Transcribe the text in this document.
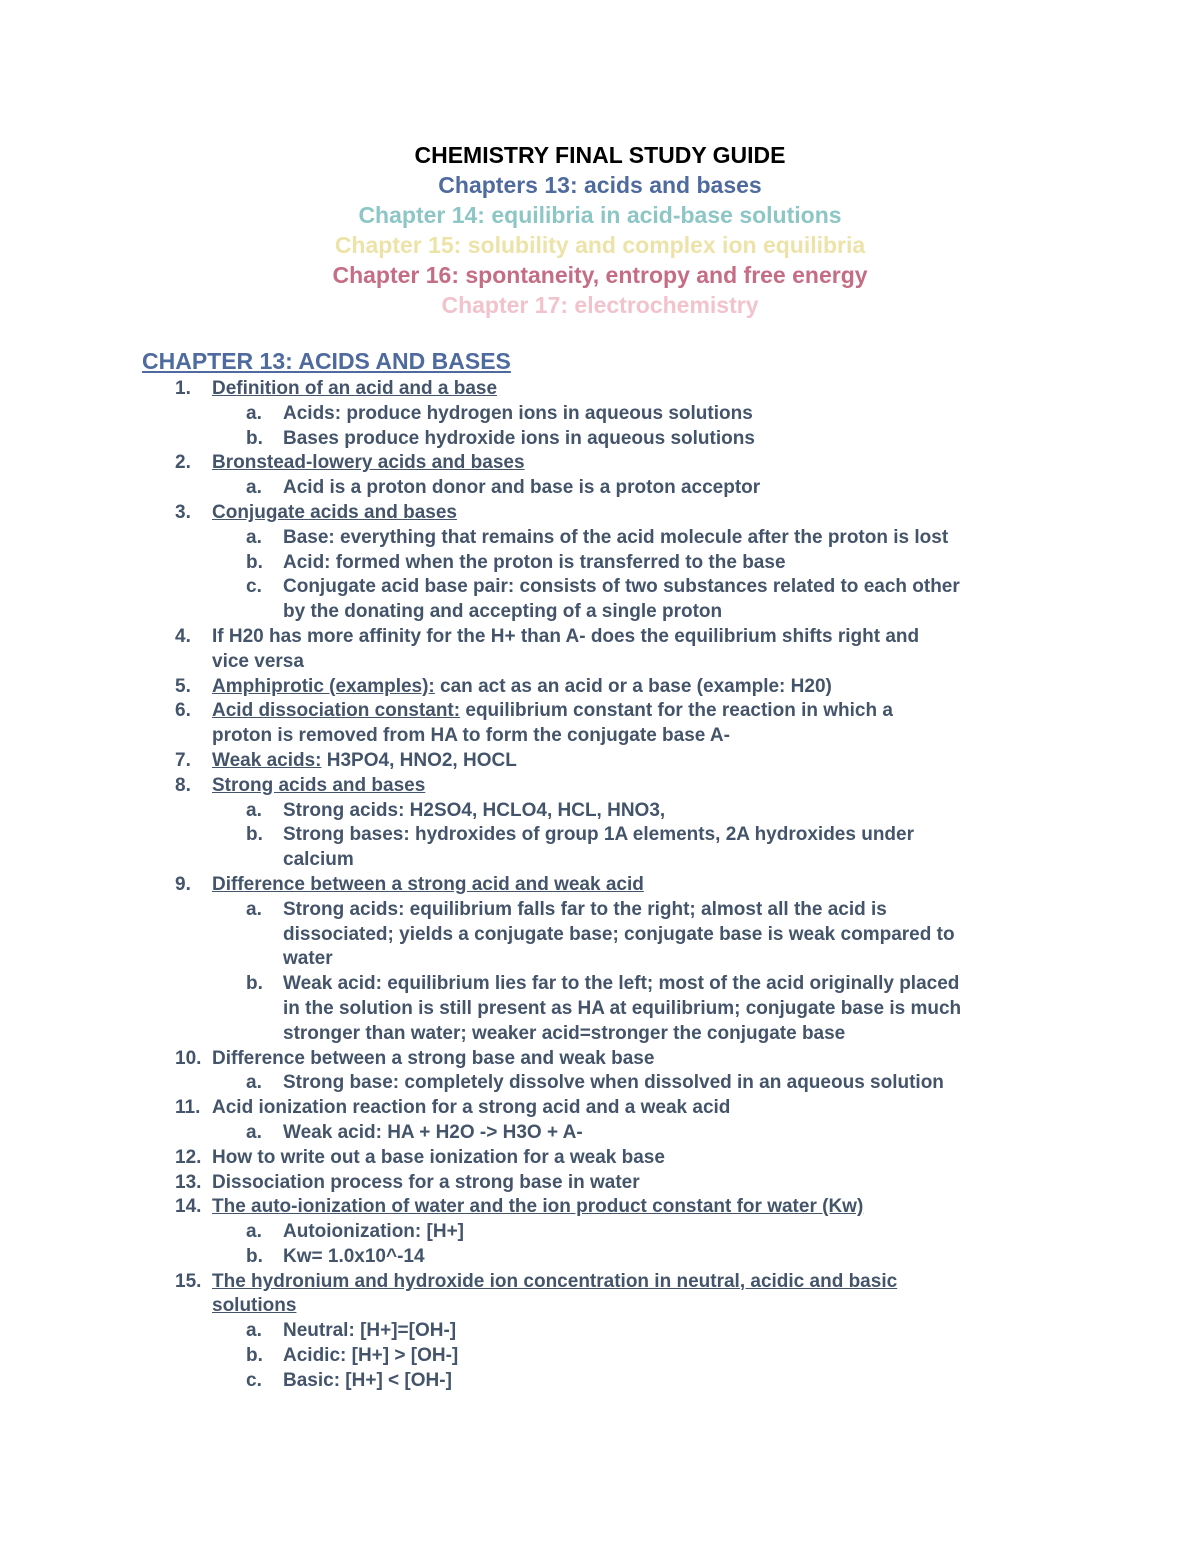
CHEMISTRY FINAL STUDY GUIDE
Chapters 13: acids and bases
Chapter 14: equilibria in acid-base solutions
Chapter 15: solubility and complex ion equilibria
Chapter 16: spontaneity, entropy and free energy
Chapter 17: electrochemistry
CHAPTER 13: ACIDS AND BASES
1. Definition of an acid and a base
a. Acids: produce hydrogen ions in aqueous solutions
b. Bases produce hydroxide ions in aqueous solutions
2. Bronstead-lowery acids and bases
a. Acid is a proton donor and base is a proton acceptor
3. Conjugate acids and bases
a. Base: everything that remains of the acid molecule after the proton is lost
b. Acid: formed when the proton is transferred to the base
c. Conjugate acid base pair: consists of two substances related to each other
by the donating and accepting of a single proton
4. If H20 has more affinity for the H+ than A- does the equilibrium shifts right and
vice versa
5. Amphiprotic (examples): can act as an acid or a base (example: H20)
6. Acid dissociation constant: equilibrium constant for the reaction in which a
proton is removed from HA to form the conjugate base A-
7. Weak acids: H3PO4, HNO2, HOCL
8. Strong acids and bases
a. Strong acids: H2SO4, HCLO4, HCL, HNO3,
b. Strong bases: hydroxides of group 1A elements, 2A hydroxides under
calcium
9. Difference between a strong acid and weak acid
a. Strong acids: equilibrium falls far to the right; almost all the acid is
dissociated; yields a conjugate base; conjugate base is weak compared to
water
b. Weak acid: equilibrium lies far to the left; most of the acid originally placed
in the solution is still present as HA at equilibrium; conjugate base is much
stronger than water; weaker acid=stronger the conjugate base
10. Difference between a strong base and weak base
a. Strong base: completely dissolve when dissolved in an aqueous solution
11. Acid ionization reaction for a strong acid and a weak acid
a. Weak acid: HA + H2O -> H3O + A-
12. How to write out a base ionization for a weak base
13. Dissociation process for a strong base in water
14. The auto-ionization of water and the ion product constant for water (Kw)
a. Autoionization: [H+]
b. Kw= 1.0x10^-14
15. The hydronium and hydroxide ion concentration in neutral, acidic and basic
solutions
a. Neutral: [H+]=[OH-]
b. Acidic: [H+] > [OH-]
c. Basic: [H+] < [OH-]
